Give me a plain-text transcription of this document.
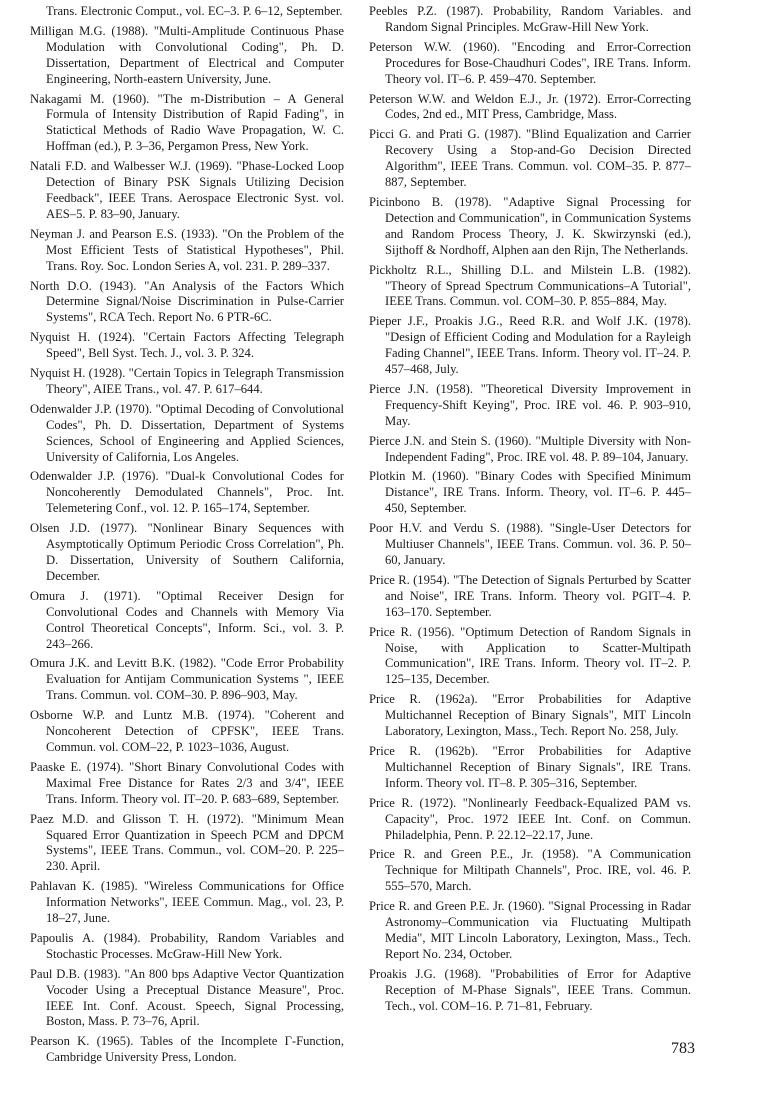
Trans. Electronic Comput., vol. EC–3. P. 6–12, September.

Milligan M.G. (1988). "Multi-Amplitude Continuous Phase Modulation with Convolutional Coding", Ph. D. Dissertation, Department of Electrical and Computer Engineering, North-eastern University, June.

Nakagami M. (1960). "The m-Distribution – A General Formula of Intensity Distribution of Rapid Fading", in Statictical Methods of Radio Wave Propagation, W. C. Hoffman (ed.), P. 3–36, Pergamon Press, New York.

Natali F.D. and Walbesser W.J. (1969). "Phase-Locked Loop Detection of Binary PSK Signals Utilizing Decision Feedback", IEEE Trans. Aerospace Electronic Syst. vol. AES–5. P. 83–90, January.

Neyman J. and Pearson E.S. (1933). "On the Problem of the Most Efficient Tests of Statistical Hypotheses", Phil. Trans. Roy. Soc. London Series A, vol. 231. P. 289–337.

North D.O. (1943). "An Analysis of the Factors Which Determine Signal/Noise Discrimination in Pulse-Carrier Systems", RCA Tech. Report No. 6 PTR-6C.

Nyquist H. (1924). "Certain Factors Affecting Telegraph Speed", Bell Syst. Tech. J., vol. 3. P. 324.

Nyquist H. (1928). "Certain Topics in Telegraph Transmission Theory", AIEE Trans., vol. 47. P. 617–644.

Odenwalder J.P. (1970). "Optimal Decoding of Convolutional Codes", Ph. D. Dissertation, Department of Systems Sciences, School of Engineering and Applied Sciences, University of California, Los Angeles.

Odenwalder J.P. (1976). "Dual-k Convolutional Codes for Noncoherently Demodulated Channels", Proc. Int. Telemetering Conf., vol. 12. P. 165–174, September.

Olsen J.D. (1977). "Nonlinear Binary Sequences with Asymptotically Optimum Periodic Cross Correlation", Ph. D. Dissertation, University of Southern California, December.

Omura J. (1971). "Optimal Receiver Design for Convolutional Codes and Channels with Memory Via Control Theoretical Concepts", Inform. Sci., vol. 3. P. 243–266.

Omura J.K. and Levitt B.K. (1982). "Code Error Probability Evaluation for Antijam Communication Systems ", IEEE Trans. Commun. vol. COM–30. P. 896–903, May.

Osborne W.P. and Luntz M.B. (1974). "Coherent and Noncoherent Detection of CPFSK", IEEE Trans. Commun. vol. COM–22, P. 1023–1036, August.

Paaske E. (1974). "Short Binary Convolutional Codes with Maximal Free Distance for Rates 2/3 and 3/4", IEEE Trans. Inform. Theory vol. IT–20. P. 683–689, September.

Paez M.D. and Glisson T. H. (1972). "Minimum Mean Squared Error Quantization in Speech PCM and DPCM Systems", IEEE Trans. Commun., vol. COM–20. P. 225–230. April.

Pahlavan K. (1985). "Wireless Communications for Office Information Networks", IEEE Commun. Mag., vol. 23, P. 18–27, June.

Papoulis A. (1984). Probability, Random Variables and Stochastic Processes. McGraw-Hill New York.

Paul D.B. (1983). "An 800 bps Adaptive Vector Quantization Vocoder Using a Preceptual Distance Measure", Proc. IEEE Int. Conf. Acoust. Speech, Signal Processing, Boston, Mass. P. 73–76, April.

Pearson K. (1965). Tables of the Incomplete Γ-Function, Cambridge University Press, London.

Peebles P.Z. (1987). Probability, Random Variables. and Random Signal Principles. McGraw-Hill New York.

Peterson W.W. (1960). "Encoding and Error-Correction Procedures for Bose-Chaudhuri Codes", IRE Trans. Inform. Theory vol. IT–6. P. 459–470. September.

Peterson W.W. and Weldon E.J., Jr. (1972). Error-Correcting Codes, 2nd ed., MIT Press, Cambridge, Mass.

Picci G. and Prati G. (1987). "Blind Equalization and Carrier Recovery Using a Stop-and-Go Decision Directed Algorithm", IEEE Trans. Commun. vol. COM–35. P. 877–887, September.

Picinbono B. (1978). "Adaptive Signal Processing for Detection and Communication", in Communication Systems and Random Process Theory, J. K. Skwirzynski (ed.), Sijthoff & Nordhoff, Alphen aan den Rijn, The Netherlands.

Pickholtz R.L., Shilling D.L. and Milstein L.B. (1982). "Theory of Spread Spectrum Communications–A Tutorial", IEEE Trans. Commun. vol. COM–30. P. 855–884, May.

Pieper J.F., Proakis J.G., Reed R.R. and Wolf J.K. (1978). "Design of Efficient Coding and Modulation for a Rayleigh Fading Channel", IEEE Trans. Inform. Theory vol. IT–24. P. 457–468, July.

Pierce J.N. (1958). "Theoretical Diversity Improvement in Frequency-Shift Keying", Proc. IRE vol. 46. P. 903–910, May.

Pierce J.N. and Stein S. (1960). "Multiple Diversity with Non-Independent Fading", Proc. IRE vol. 48. P. 89–104, January.

Plotkin M. (1960). "Binary Codes with Specified Minimum Distance", IRE Trans. Inform. Theory, vol. IT–6. P. 445–450, September.

Poor H.V. and Verdu S. (1988). "Single-User Detectors for Multiuser Channels", IEEE Trans. Commun. vol. 36. P. 50–60, January.

Price R. (1954). "The Detection of Signals Perturbed by Scatter and Noise", IRE Trans. Inform. Theory vol. PGIT–4. P. 163–170. September.

Price R. (1956). "Optimum Detection of Random Signals in Noise, with Application to Scatter-Multipath Communication", IRE Trans. Inform. Theory vol. IT–2. P. 125–135, December.

Price R. (1962a). "Error Probabilities for Adaptive Multichannel Reception of Binary Signals", MIT Lincoln Laboratory, Lexington, Mass., Tech. Report No. 258, July.

Price R. (1962b). "Error Probabilities for Adaptive Multichannel Reception of Binary Signals", IRE Trans. Inform. Theory vol. IT–8. P. 305–316, September.

Price R. (1972). "Nonlinearly Feedback-Equalized PAM vs. Capacity", Proc. 1972 IEEE Int. Conf. on Commun. Philadelphia, Penn. P. 22.12–22.17, June.

Price R. and Green P.E., Jr. (1958). "A Communication Technique for Miltipath Channels", Proc. IRE, vol. 46. P. 555–570, March.

Price R. and Green P.E. Jr. (1960). "Signal Processing in Radar Astronomy–Communication via Fluctuating Multipath Media", MIT Lincoln Laboratory, Lexington, Mass., Tech. Report No. 234, October.

Proakis J.G. (1968). "Probabilities of Error for Adaptive Reception of M-Phase Signals", IEEE Trans. Commun. Tech., vol. COM–16. P. 71–81, February.

783
